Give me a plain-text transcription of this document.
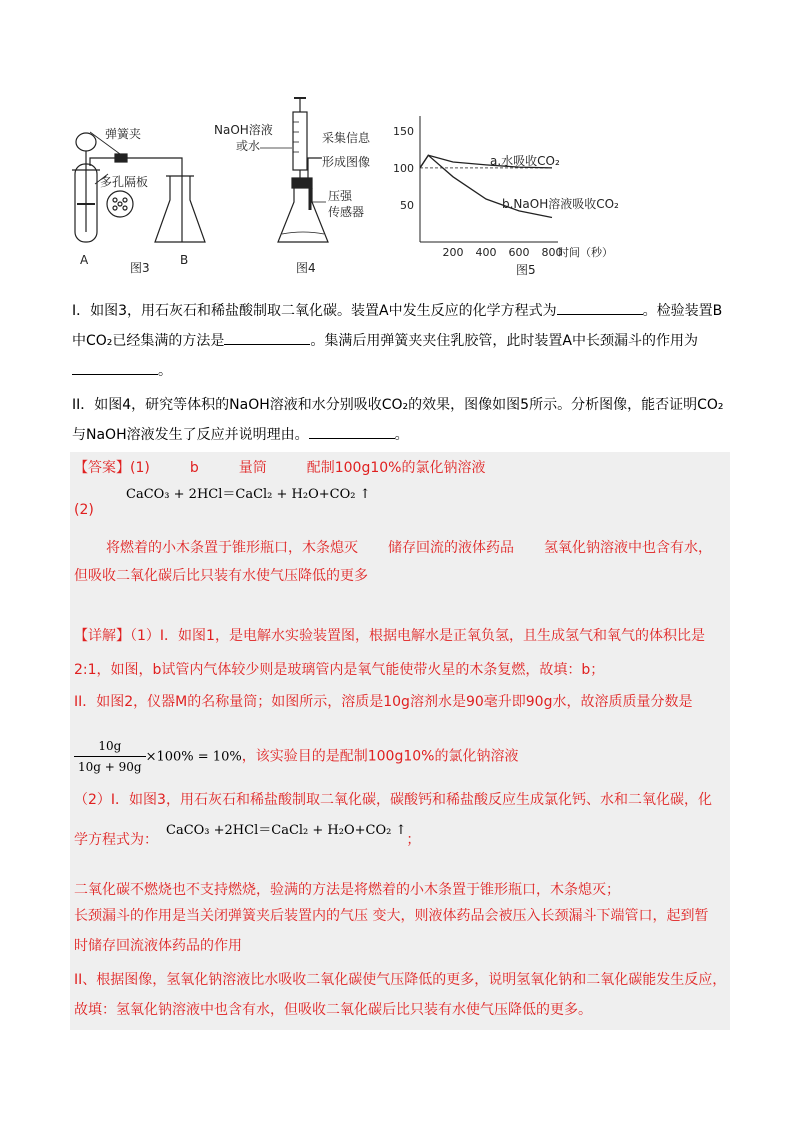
弹簧夹
多孔隔板
A	B
图3
NaOH溶液
或水
采集信息
形成图像
压强
传感器
图4
50
100
150
200 400 600 800
a.水吸收CO₂
b.NaOH溶液吸收CO₂
时间（秒）
图5

I．如图3，用石灰石和稀盐酸制取二氧化碳。装置A中发生反应的化学方程式为	。检验装置B

中CO₂已经集满的方法是	。集满后用弹簧夹夹住乳胶管，此时装置A中长颈漏斗的作用为

。

II．如图4，研究等体积的NaOH溶液和水分别吸收CO₂的效果，图像如图5所示。分析图像，能否证明CO₂

与NaOH溶液发生了反应并说明理由。	。

【答案】(1)	b	量筒	配制100g10%的氯化钠溶液

CaCO₃ + 2HCl＝CaCl₂ + H₂O+CO₂ ↑

(2)

将燃着的小木条置于锥形瓶口，木条熄灭 储存回流的液体药品 氢氧化钠溶液中也含有水，

但吸收二氧化碳后比只装有水使气压降低的更多

【详解】（1）I．如图1，是电解水实验装置图，根据电解水是正氧负氢，且生成氢气和氧气的体积比是

2:1，如图，b试管内气体较少则是玻璃管内是氧气能使带火星的木条复燃，故填：b；

II．如图2，仪器M的名称量筒；如图所示，溶质是10g溶剂水是90毫升即90g水，故溶质质量分数是

$\frac{10g}{10g + 90g} \times 100\% = 10\%$，该实验目的是配制100g10%的氯化钠溶液

（2）I．如图3，用石灰石和稀盐酸制取二氧化碳，碳酸钙和稀盐酸反应生成氯化钙、水和二氧化碳，化

学方程式为：CaCO₃ +2HCl＝CaCl₂ + H₂O+CO₂ ↑；

二氧化碳不燃烧也不支持燃烧，验满的方法是将燃着的小木条置于锥形瓶口，木条熄灭；

长颈漏斗的作用是当关闭弹簧夹后装置内的气压 变大，则液体药品会被压入长颈漏斗下端管口，起到暂

时储存回流液体药品的作用

II、根据图像，氢氧化钠溶液比水吸收二氧化碳使气压降低的更多，说明氢氧化钠和二氧化碳能发生反应，

故填：氢氧化钠溶液中也含有水，但吸收二氧化碳后比只装有水使气压降低的更多。
